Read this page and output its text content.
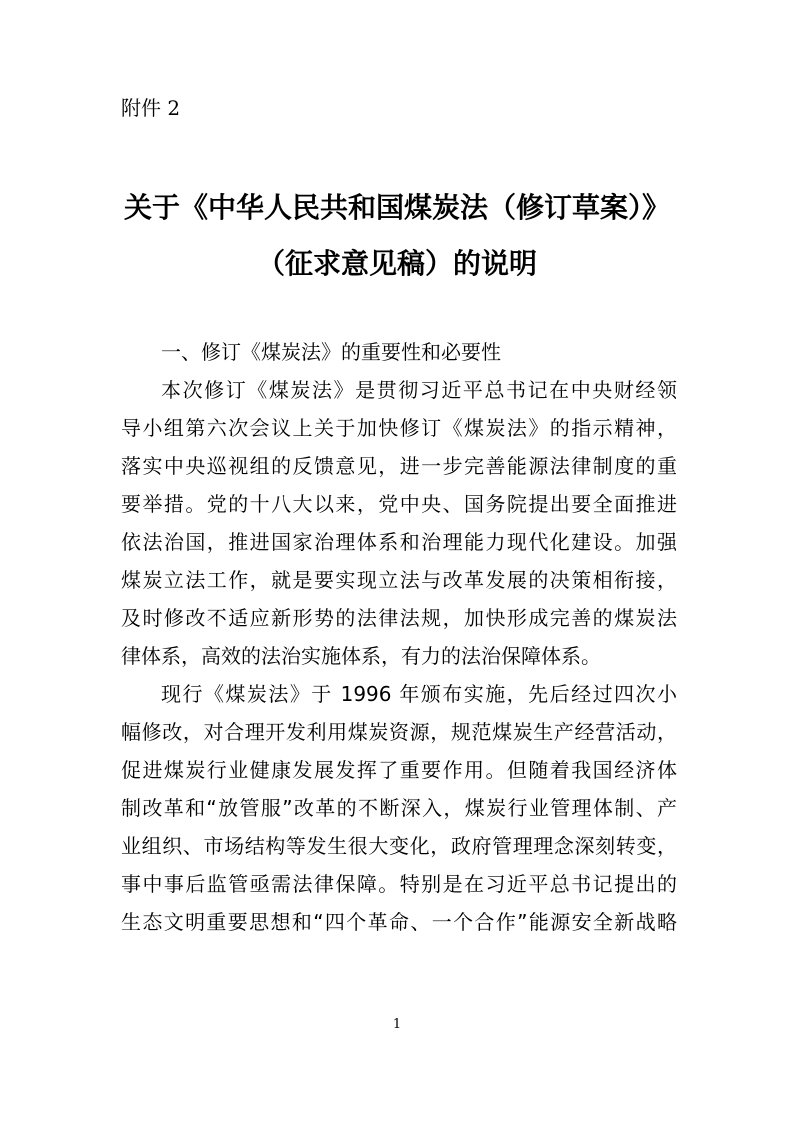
附件 2
关于《中华人民共和国煤炭法（修订草案）》
（征求意见稿）的说明
一、修订《煤炭法》的重要性和必要性
本次修订《煤炭法》是贯彻习近平总书记在中央财经领
导小组第六次会议上关于加快修订《煤炭法》的指示精神，
落实中央巡视组的反馈意见，进一步完善能源法律制度的重
要举措。党的十八大以来，党中央、国务院提出要全面推进
依法治国，推进国家治理体系和治理能力现代化建设。加强
煤炭立法工作，就是要实现立法与改革发展的决策相衔接，
及时修改不适应新形势的法律法规，加快形成完善的煤炭法
律体系，高效的法治实施体系，有力的法治保障体系。
现行《煤炭法》于 1996 年颁布实施，先后经过四次小
幅修改，对合理开发利用煤炭资源，规范煤炭生产经营活动，
促进煤炭行业健康发展发挥了重要作用。但随着我国经济体
制改革和“放管服”改革的不断深入，煤炭行业管理体制、产
业组织、市场结构等发生很大变化，政府管理理念深刻转变，
事中事后监管亟需法律保障。特别是在习近平总书记提出的
生态文明重要思想和“四个革命、一个合作”能源安全新战略
1
